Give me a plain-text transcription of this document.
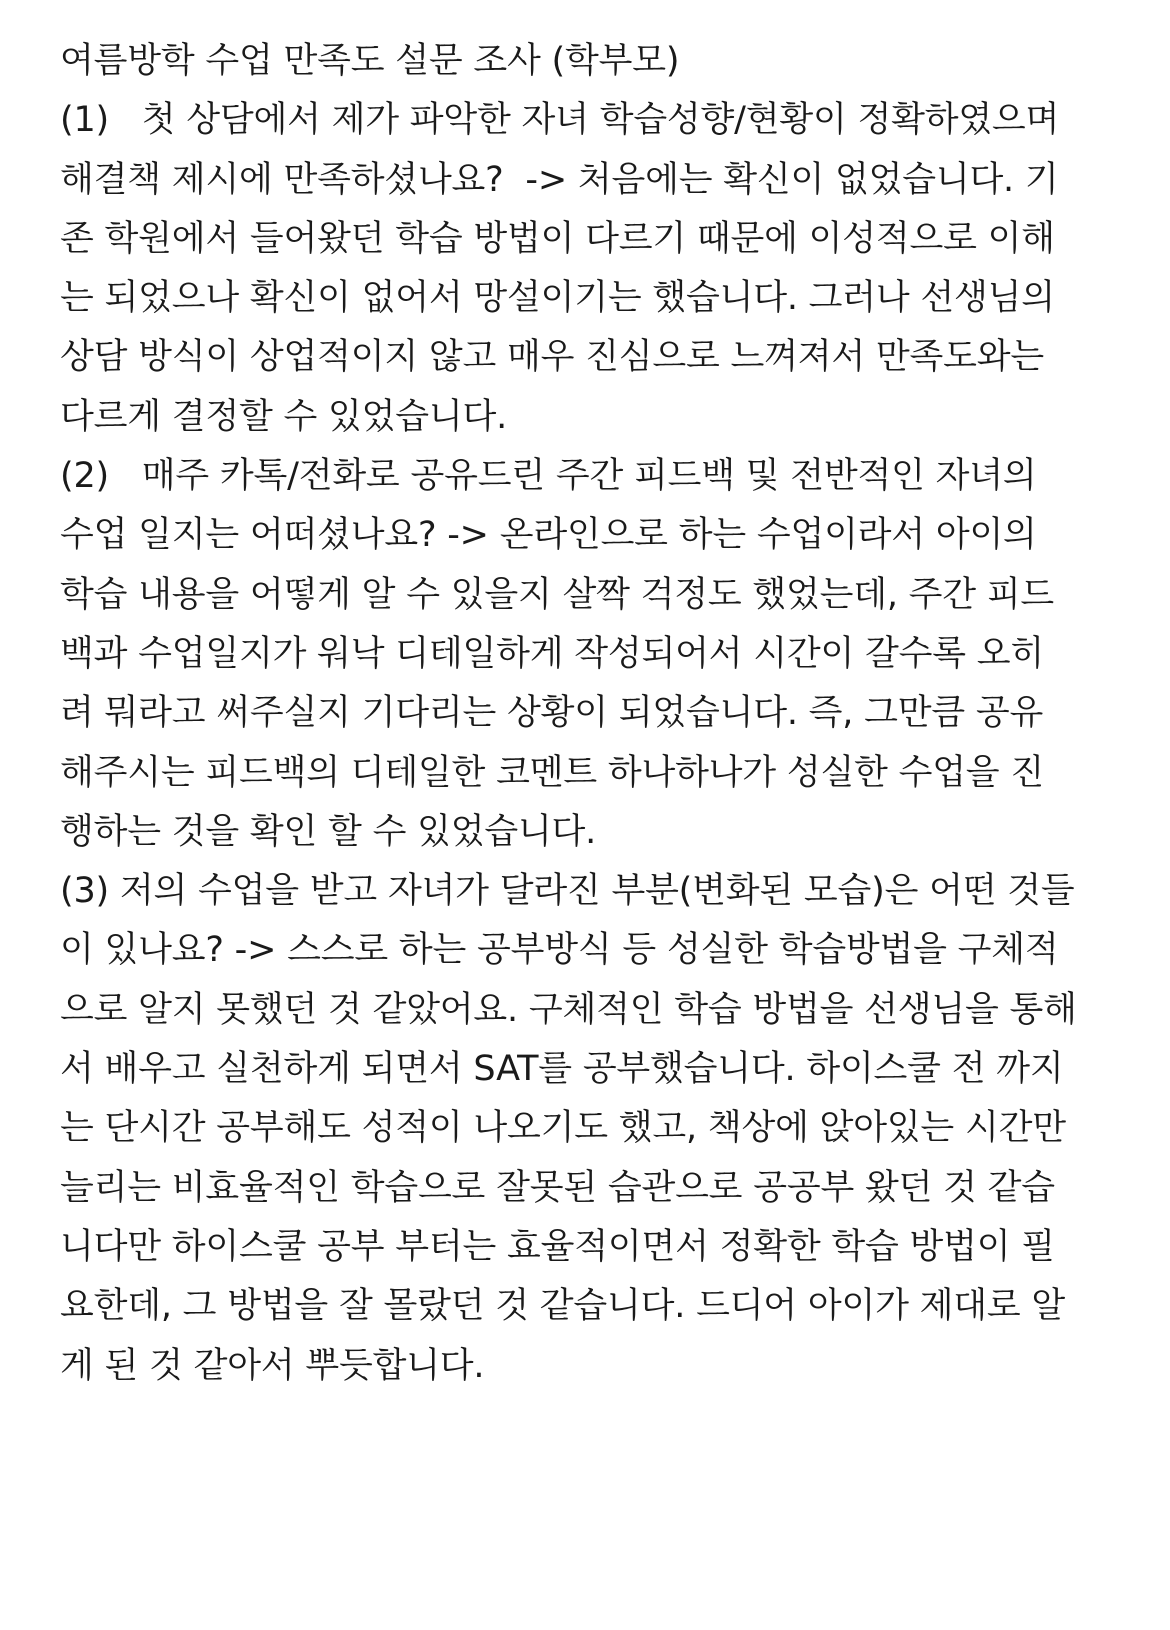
여름방학 수업 만족도 설문 조사 (학부모)
(1)   첫 상담에서 제가 파악한 자녀 학습성향/현황이 정확하였으며
해결책 제시에 만족하셨나요?  -> 처음에는 확신이 없었습니다. 기
존 학원에서 들어왔던 학습 방법이 다르기 때문에 이성적으로 이해
는 되었으나 확신이 없어서 망설이기는 했습니다. 그러나 선생님의
상담 방식이 상업적이지 않고 매우 진심으로 느껴져서 만족도와는
다르게 결정할 수 있었습니다.
(2)   매주 카톡/전화로 공유드린 주간 피드백 및 전반적인 자녀의
수업 일지는 어떠셨나요? -> 온라인으로 하는 수업이라서 아이의
학습 내용을 어떻게 알 수 있을지 살짝 걱정도 했었는데, 주간 피드
백과 수업일지가 워낙 디테일하게 작성되어서 시간이 갈수록 오히
려 뭐라고 써주실지 기다리는 상황이 되었습니다. 즉, 그만큼 공유
해주시는 피드백의 디테일한 코멘트 하나하나가 성실한 수업을 진
행하는 것을 확인 할 수 있었습니다.
(3) 저의 수업을 받고 자녀가 달라진 부분(변화된 모습)은 어떤 것들
이 있나요? -> 스스로 하는 공부방식 등 성실한 학습방법을 구체적
으로 알지 못했던 것 같았어요. 구체적인 학습 방법을 선생님을 통해
서 배우고 실천하게 되면서 SAT를 공부했습니다. 하이스쿨 전 까지
는 단시간 공부해도 성적이 나오기도 했고, 책상에 앉아있는 시간만
늘리는 비효율적인 학습으로 잘못된 습관으로 공공부 왔던 것 같습
니다만 하이스쿨 공부 부터는 효율적이면서 정확한 학습 방법이 필
요한데, 그 방법을 잘 몰랐던 것 같습니다. 드디어 아이가 제대로 알
게 된 것 같아서 뿌듯합니다.
